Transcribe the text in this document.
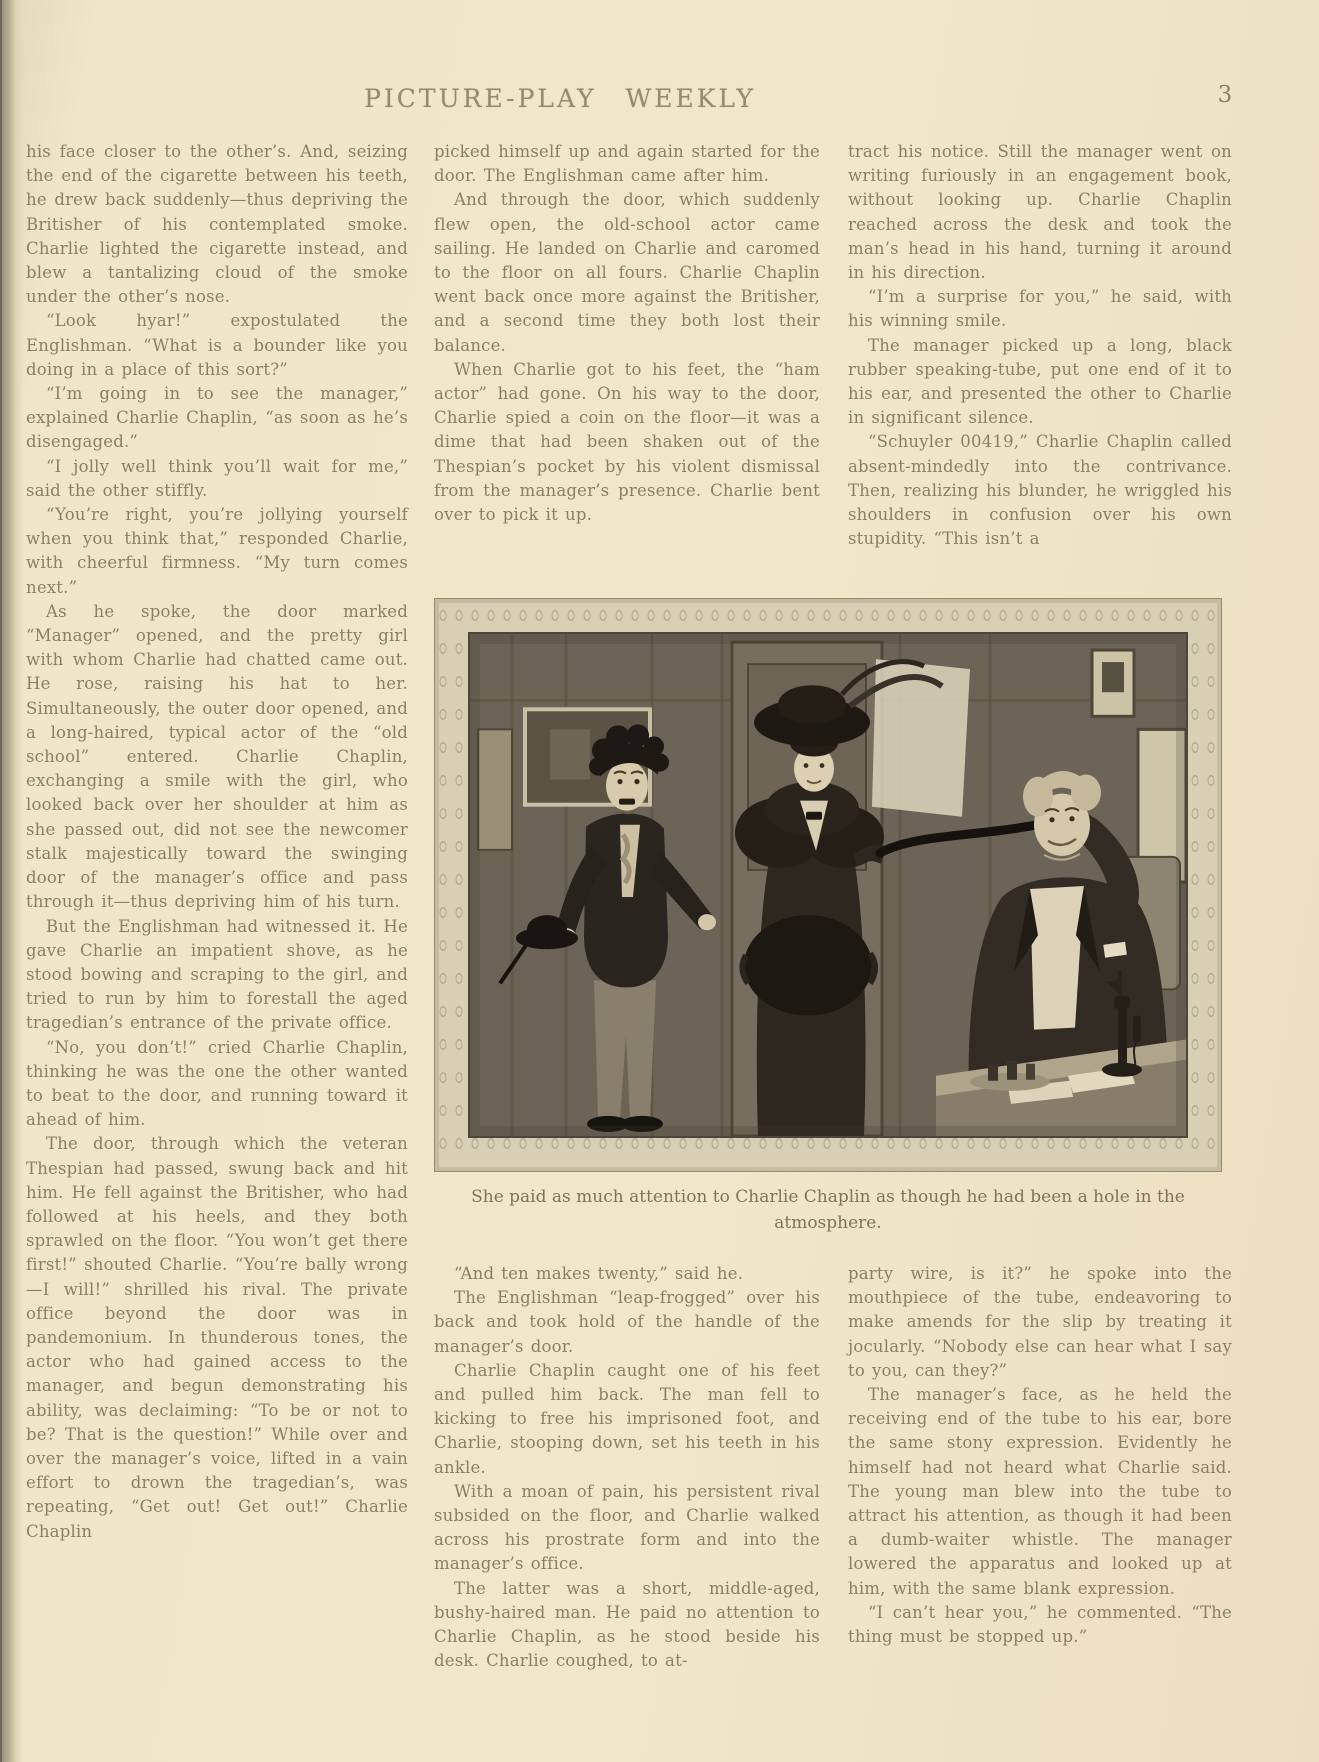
PICTURE-PLAY WEEKLY	3

his face closer to the other’s. And, seizing the end of the cigarette between his teeth, he drew back suddenly—thus depriving the Britisher of his contemplated smoke. Charlie lighted the cigarette instead, and blew a tantalizing cloud of the smoke under the other’s nose.

“Look hyar!” expostulated the Englishman. “What is a bounder like you doing in a place of this sort?”

“I’m going in to see the manager,” explained Charlie Chaplin, “as soon as he’s disengaged.”

“I jolly well think you’ll wait for me,” said the other stiffly.

“You’re right, you’re jollying yourself when you think that,” responded Charlie, with cheerful firmness. “My turn comes next.”

As he spoke, the door marked “Manager” opened, and the pretty girl with whom Charlie had chatted came out. He rose, raising his hat to her. Simultaneously, the outer door opened, and a long-haired, typical actor of the “old school” entered. Charlie Chaplin, exchanging a smile with the girl, who looked back over her shoulder at him as she passed out, did not see the newcomer stalk majestically toward the swinging door of the manager’s office and pass through it—thus depriving him of his turn.

But the Englishman had witnessed it. He gave Charlie an impatient shove, as he stood bowing and scraping to the girl, and tried to run by him to forestall the aged tragedian’s entrance of the private office.

“No, you don’t!” cried Charlie Chaplin, thinking he was the one the other wanted to beat to the door, and running toward it ahead of him.

The door, through which the veteran Thespian had passed, swung back and hit him. He fell against the Britisher, who had followed at his heels, and they both sprawled on the floor. “You won’t get there first!” shouted Charlie. “You’re bally wrong—I will!” shrilled his rival. The private office beyond the door was in pandemonium. In thunderous tones, the actor who had gained access to the manager, and begun demonstrating his ability, was declaiming: “To be or not to be? That is the question!” While over and over the manager’s voice, lifted in a vain effort to drown the tragedian’s, was repeating, “Get out! Get out!” Charlie Chaplin

picked himself up and again started for the door. The Englishman came after him.

And through the door, which suddenly flew open, the old-school actor came sailing. He landed on Charlie and caromed to the floor on all fours. Charlie Chaplin went back once more against the Britisher, and a second time they both lost their balance.

When Charlie got to his feet, the “ham actor” had gone. On his way to the door, Charlie spied a coin on the floor—it was a dime that had been shaken out of the Thespian’s pocket by his violent dismissal from the manager’s presence. Charlie bent over to pick it up.

tract his notice. Still the manager went on writing furiously in an engagement book, without looking up. Charlie Chaplin reached across the desk and took the man’s head in his hand, turning it around in his direction.

“I’m a surprise for you,” he said, with his winning smile.

The manager picked up a long, black rubber speaking-tube, put one end of it to his ear, and presented the other to Charlie in significant silence.

“Schuyler 00419,” Charlie Chaplin called absent-mindedly into the contrivance. Then, realizing his blunder, he wriggled his shoulders in confusion over his own stupidity. “This isn’t a

She paid as much attention to Charlie Chaplin as though he had been a hole in the atmosphere.

“And ten makes twenty,” said he.

The Englishman “leap-frogged” over his back and took hold of the handle of the manager’s door.

Charlie Chaplin caught one of his feet and pulled him back. The man fell to kicking to free his imprisoned foot, and Charlie, stooping down, set his teeth in his ankle.

With a moan of pain, his persistent rival subsided on the floor, and Charlie walked across his prostrate form and into the manager’s office.

The latter was a short, middle-aged, bushy-haired man. He paid no attention to Charlie Chaplin, as he stood beside his desk. Charlie coughed, to at-

party wire, is it?” he spoke into the mouthpiece of the tube, endeavoring to make amends for the slip by treating it jocularly. “Nobody else can hear what I say to you, can they?”

The manager’s face, as he held the receiving end of the tube to his ear, bore the same stony expression. Evidently he himself had not heard what Charlie said. The young man blew into the tube to attract his attention, as though it had been a dumb-waiter whistle. The manager lowered the apparatus and looked up at him, with the same blank expression.

“I can’t hear you,” he commented. “The thing must be stopped up.”
